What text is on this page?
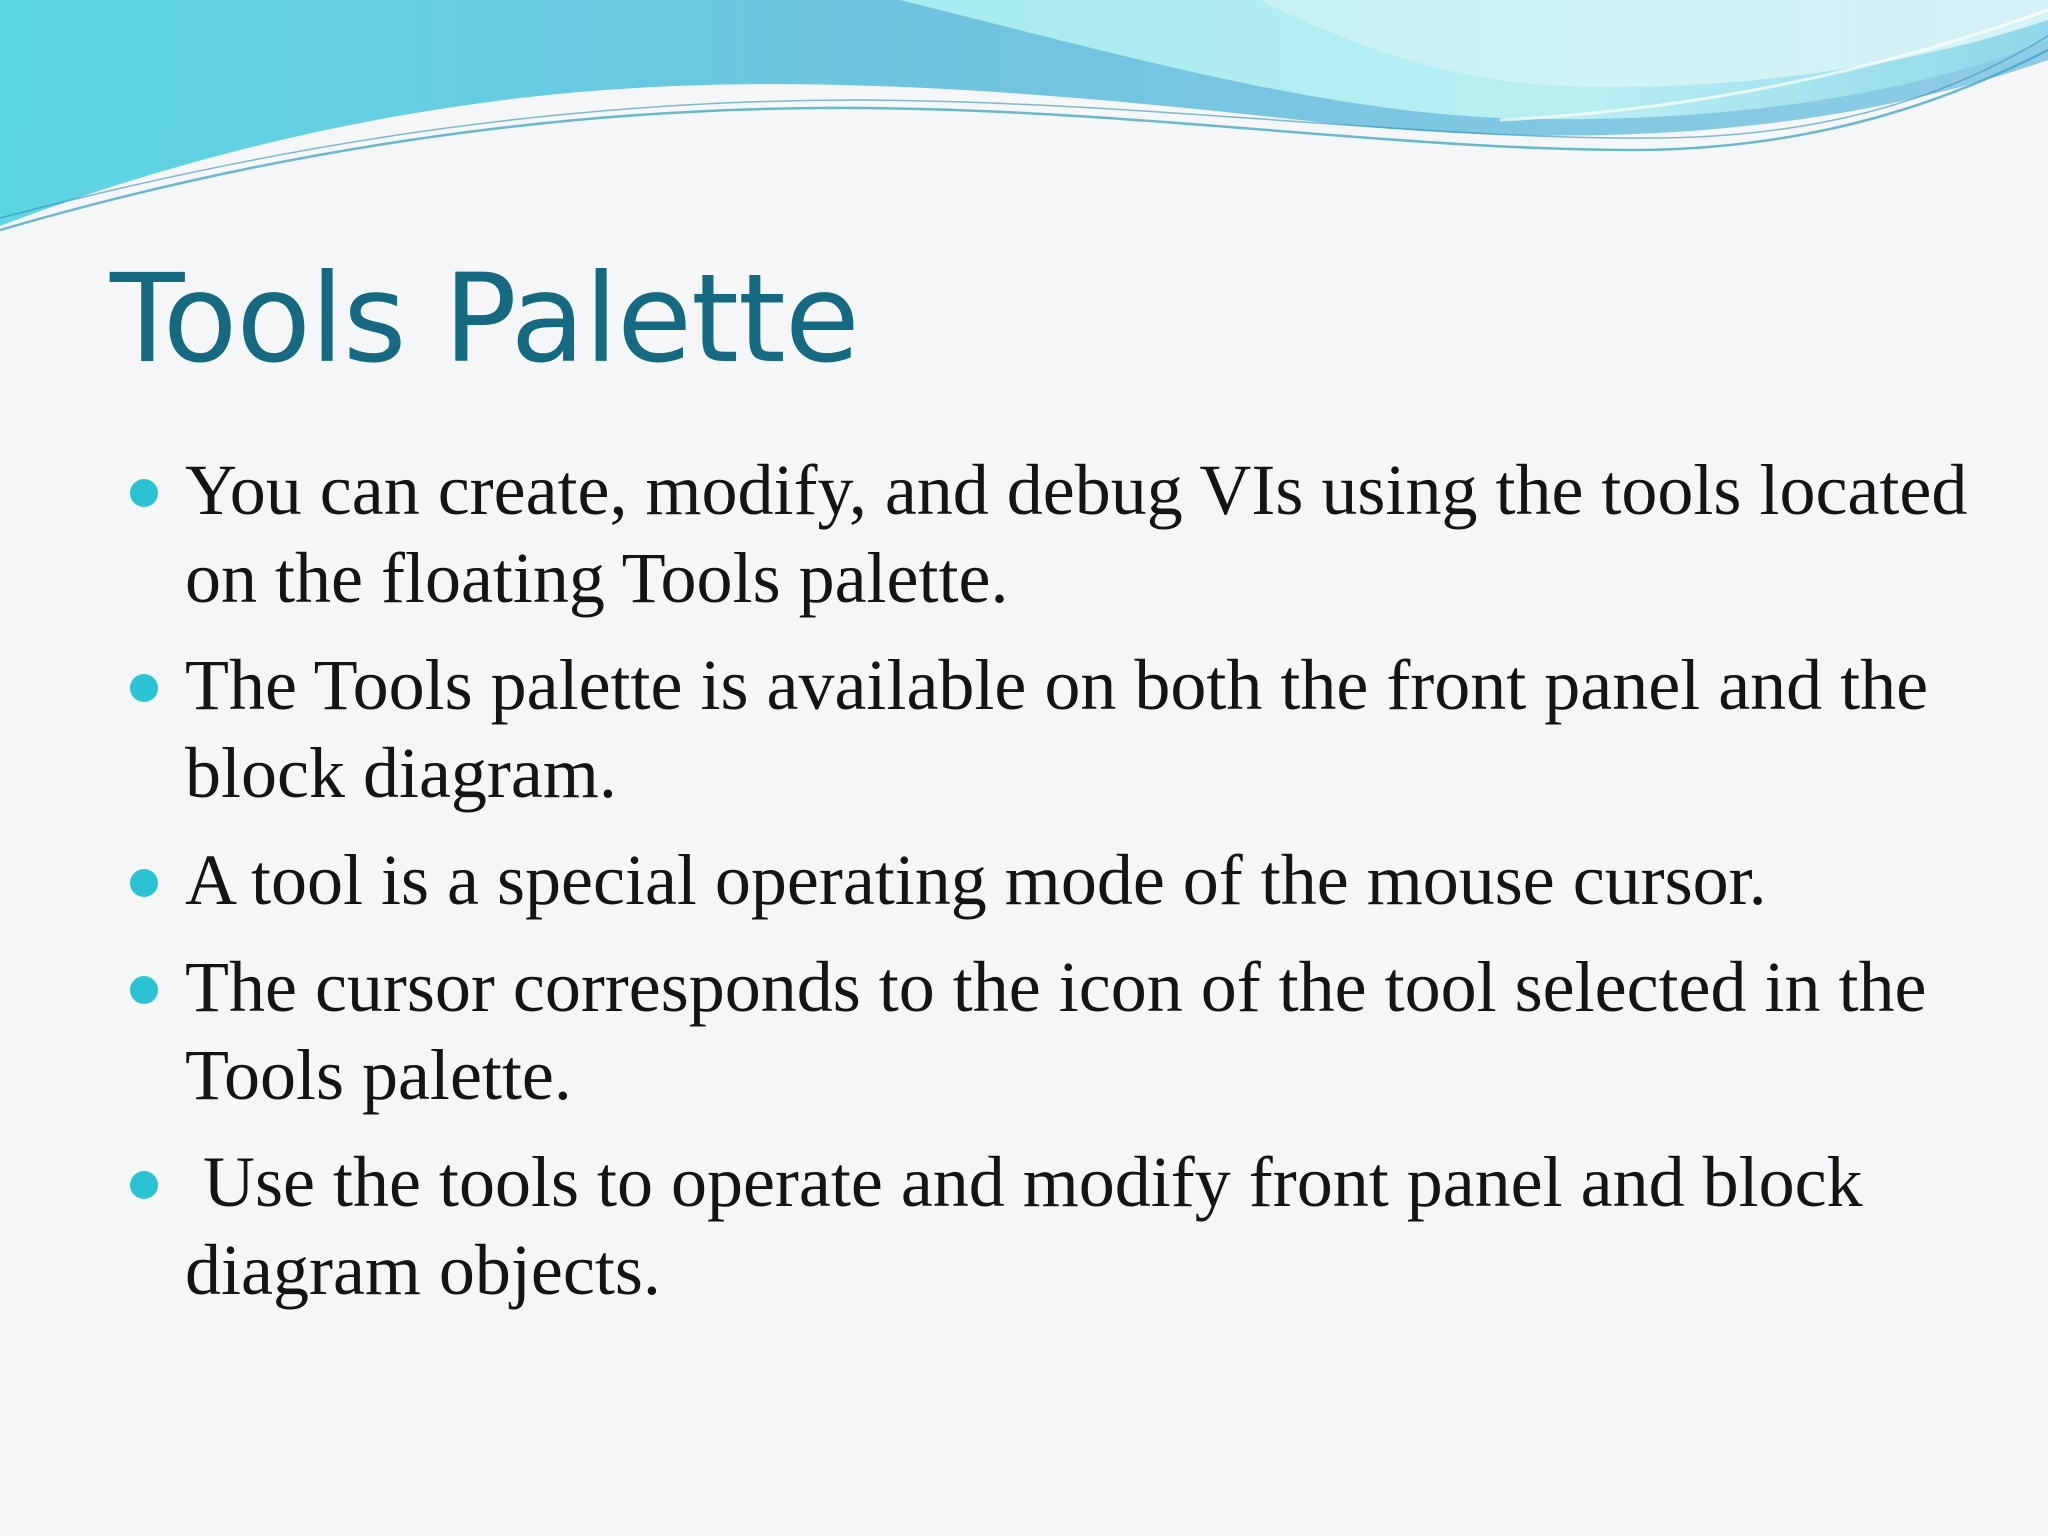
Tools Palette
You can create, modify, and debug VIs using the tools located on the floating Tools palette.
The Tools palette is available on both the front panel and the block diagram.
A tool is a special operating mode of the mouse cursor.
The cursor corresponds to the icon of the tool selected in the Tools palette.
Use the tools to operate and modify front panel and block diagram objects.
